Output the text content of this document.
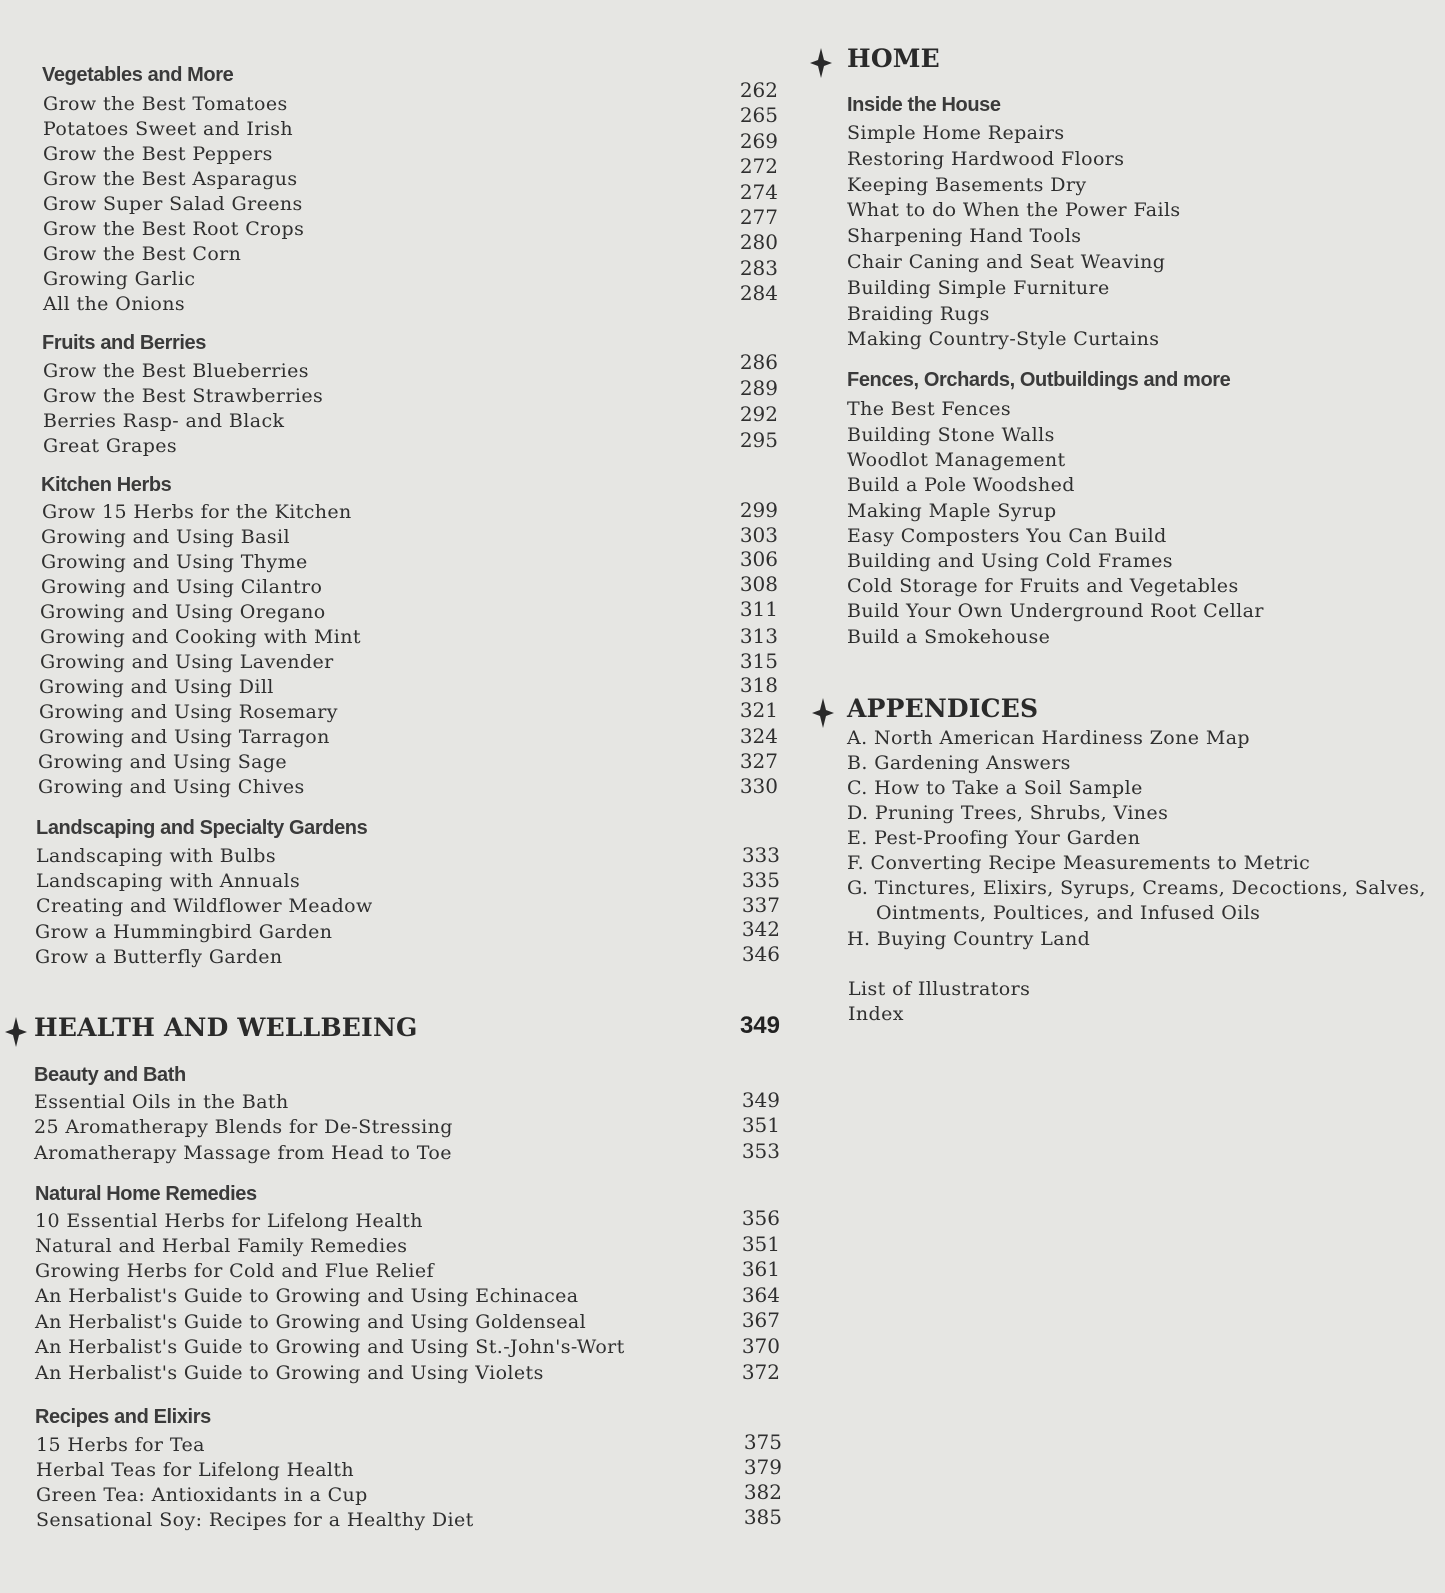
Vegetables and More
Grow the Best Tomatoes
Potatoes Sweet and Irish
Grow the Best Peppers
Grow the Best Asparagus
Grow Super Salad Greens
Grow the Best Root Crops
Grow the Best Corn
Growing Garlic
All the Onions
262
265
269
272
274
277
280
283
284
Fruits and Berries
Grow the Best Blueberries
Grow the Best Strawberries
Berries Rasp- and Black
Great Grapes
286
289
292
295
Kitchen Herbs
Grow 15 Herbs for the Kitchen
Growing and Using Basil
Growing and Using Thyme
Growing and Using Cilantro
Growing and Using Oregano
Growing and Cooking with Mint
Growing and Using Lavender
Growing and Using Dill
Growing and Using Rosemary
Growing and Using Tarragon
Growing and Using Sage
Growing and Using Chives
299
303
306
308
311
313
315
318
321
324
327
330
Landscaping and Specialty Gardens
Landscaping with Bulbs
Landscaping with Annuals
Creating and Wildflower Meadow
Grow a Hummingbird Garden
Grow a Butterfly Garden
333
335
337
342
346
HEALTH AND WELLBEING	349
Beauty and Bath
Essential Oils in the Bath
25 Aromatherapy Blends for De-Stressing
Aromatherapy Massage from Head to Toe
349
351
353
Natural Home Remedies
10 Essential Herbs for Lifelong Health
Natural and Herbal Family Remedies
Growing Herbs for Cold and Flue Relief
An Herbalist's Guide to Growing and Using Echinacea
An Herbalist's Guide to Growing and Using Goldenseal
An Herbalist's Guide to Growing and Using St.-John's-Wort
An Herbalist's Guide to Growing and Using Violets
356
351
361
364
367
370
372
Recipes and Elixirs
15 Herbs for Tea
Herbal Teas for Lifelong Health
Green Tea: Antioxidants in a Cup
Sensational Soy: Recipes for a Healthy Diet
375
379
382
385
HOME
Inside the House
Simple Home Repairs
Restoring Hardwood Floors
Keeping Basements Dry
What to do When the Power Fails
Sharpening Hand Tools
Chair Caning and Seat Weaving
Building Simple Furniture
Braiding Rugs
Making Country-Style Curtains
Fences, Orchards, Outbuildings and more
The Best Fences
Building Stone Walls
Woodlot Management
Build a Pole Woodshed
Making Maple Syrup
Easy Composters You Can Build
Building and Using Cold Frames
Cold Storage for Fruits and Vegetables
Build Your Own Underground Root Cellar
Build a Smokehouse
APPENDICES
A. North American Hardiness Zone Map
B. Gardening Answers
C. How to Take a Soil Sample
D. Pruning Trees, Shrubs, Vines
E. Pest-Proofing Your Garden
F. Converting Recipe Measurements to Metric
G. Tinctures, Elixirs, Syrups, Creams, Decoctions, Salves,
Ointments, Poultices, and Infused Oils
H. Buying Country Land
List of Illustrators
Index
